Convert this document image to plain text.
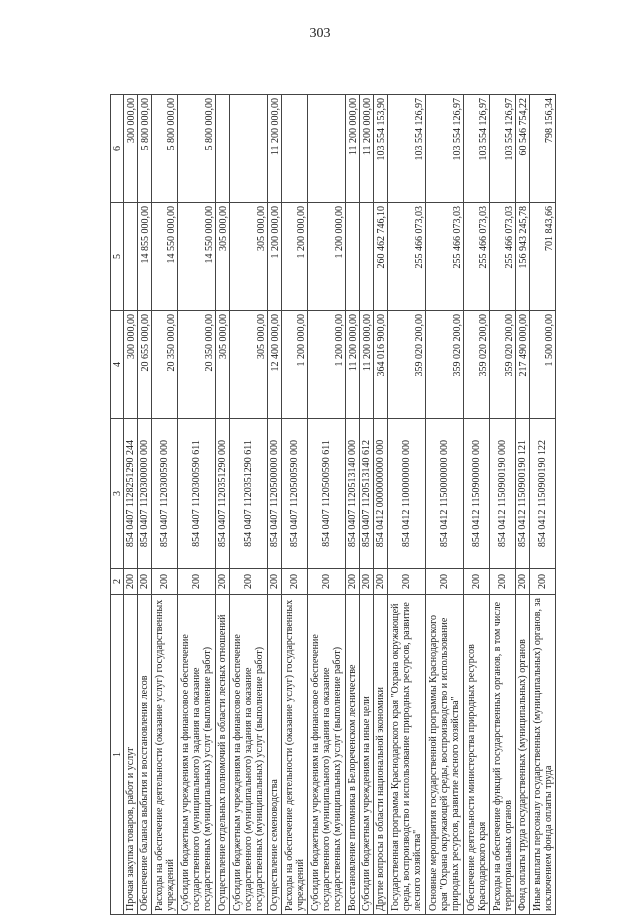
303
1	2	3	4	5	6
Прочая закупка товаров, работ и услуг	200	854 0407 1128251290 244	300 000,00		300 000,00
Обеспечение баланса выбытия и восстановления лесов	200	854 0407 1120300000 000	20 655 000,00	14 855 000,00	5 800 000,00
Расходы на обеспечение деятельности (оказание услуг) государственных учреждений	200	854 0407 1120300590 000	20 350 000,00	14 550 000,00	5 800 000,00
Субсидии бюджетным учреждениям на финансовое обеспечение государственного (муниципального) задания на оказание государственных (муниципальных) услуг (выполнение работ)	200	854 0407 1120300590 611	20 350 000,00	14 550 000,00	5 800 000,00
Осуществление отдельных полномочий в области лесных отношений	200	854 0407 1120351290 000	305 000,00	305 000,00	
Субсидии бюджетным учреждениям на финансовое обеспечение государственного (муниципального) задания на оказание государственных (муниципальных) услуг (выполнение работ)	200	854 0407 1120351290 611	305 000,00	305 000,00	
Осуществление семеноводства	200	854 0407 1120500000 000	12 400 000,00	1 200 000,00	11 200 000,00
Расходы на обеспечение деятельности (оказание услуг) государственных учреждений	200	854 0407 1120500590 000	1 200 000,00	1 200 000,00	
Субсидии бюджетным учреждениям на финансовое обеспечение государственного (муниципального) задания на оказание государственных (муниципальных) услуг (выполнение работ)	200	854 0407 1120500590 611	1 200 000,00	1 200 000,00	
Восстановление питомника в Белореченском лесничестве	200	854 0407 1120513140 000	11 200 000,00		11 200 000,00
Субсидии бюджетным учреждениям на иные цели	200	854 0407 1120513140 612	11 200 000,00		11 200 000,00
Другие вопросы в области национальной экономики	200	854 0412 0000000000 000	364 016 900,00	260 462 746,10	103 554 153,90
Государственная программа Краснодарского края "Охрана окружающей среды, воспроизводство и использование природных ресурсов, развитие лесного хозяйства"	200	854 0412 1100000000 000	359 020 200,00	255 466 073,03	103 554 126,97
Основные мероприятия государственной программы Краснодарского края "Охрана окружающей среды, воспроизводство и использование природных ресурсов, развитие лесного хозяйства"	200	854 0412 1150000000 000	359 020 200,00	255 466 073,03	103 554 126,97
Обеспечение деятельности министерства природных ресурсов Краснодарского края	200	854 0412 1150900000 000	359 020 200,00	255 466 073,03	103 554 126,97
Расходы на обеспечение функций государственных органов, в том числе территориальных органов	200	854 0412 1150900190 000	359 020 200,00	255 466 073,03	103 554 126,97
Фонд оплаты труда государственных (муниципальных) органов	200	854 0412 1150900190 121	217 490 000,00	156 943 245,78	60 546 754,22
Иные выплаты персоналу государственных (муниципальных) органов, за исключением фонда оплаты труда	200	854 0412 1150900190 122	1 500 000,00	701 843,66	798 156,34
